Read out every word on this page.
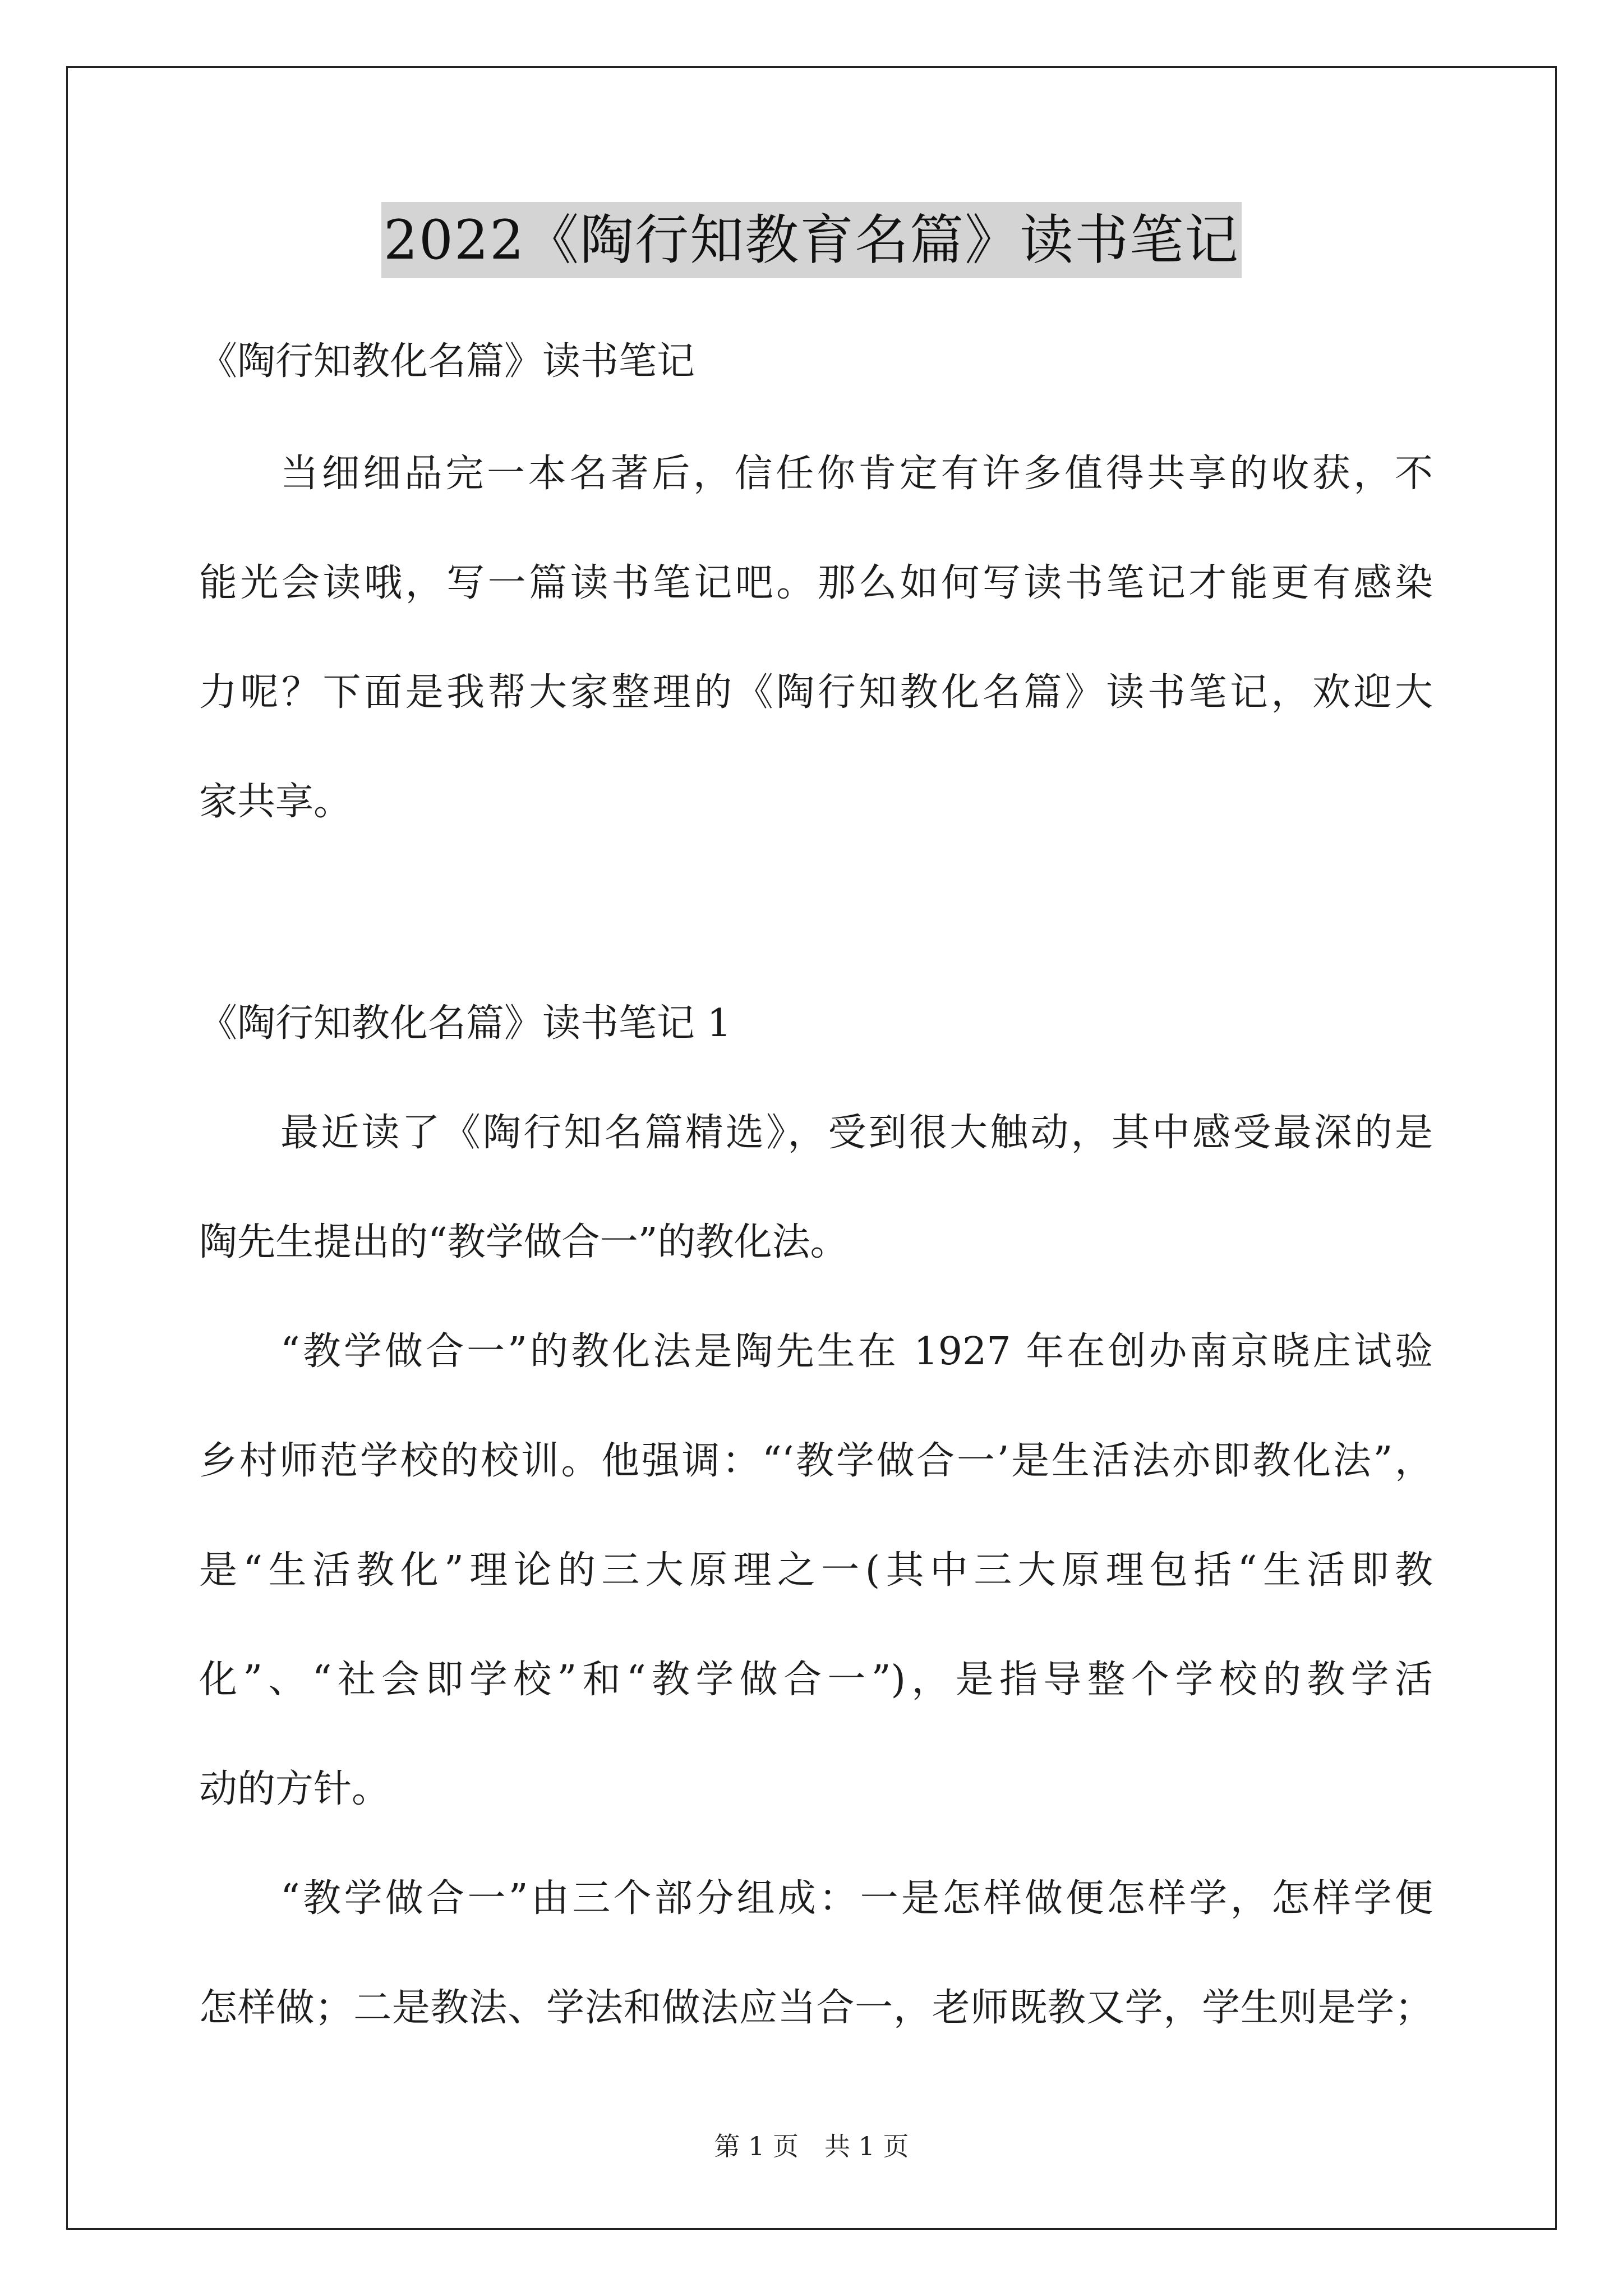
2022《陶行知教育名篇》读书笔记
《陶行知教化名篇》读书笔记
当细细品完一本名著后，信任你肯定有许多值得共享的收获，不
能光会读哦，写一篇读书笔记吧。那么如何写读书笔记才能更有感染
力呢？下面是我帮大家整理的《陶行知教化名篇》读书笔记，欢迎大
家共享。
《陶行知教化名篇》读书笔记 1
最近读了《陶行知名篇精选》，受到很大触动，其中感受最深的是
陶先生提出的“教学做合一”的教化法。
“教学做合一”的教化法是陶先生在 1927 年在创办南京晓庄试验
乡村师范学校的校训。他强调：“‘教学做合一’是生活法亦即教化法”，
是“生活教化”理论的三大原理之一(其中三大原理包括“生活即教
化”、“社会即学校”和“教学做合一”)，是指导整个学校的教学活
动的方针。
“教学做合一”由三个部分组成：一是怎样做便怎样学，怎样学便
怎样做；二是教法、学法和做法应当合一，老师既教又学，学生则是学；
第 1 页　共 1 页
